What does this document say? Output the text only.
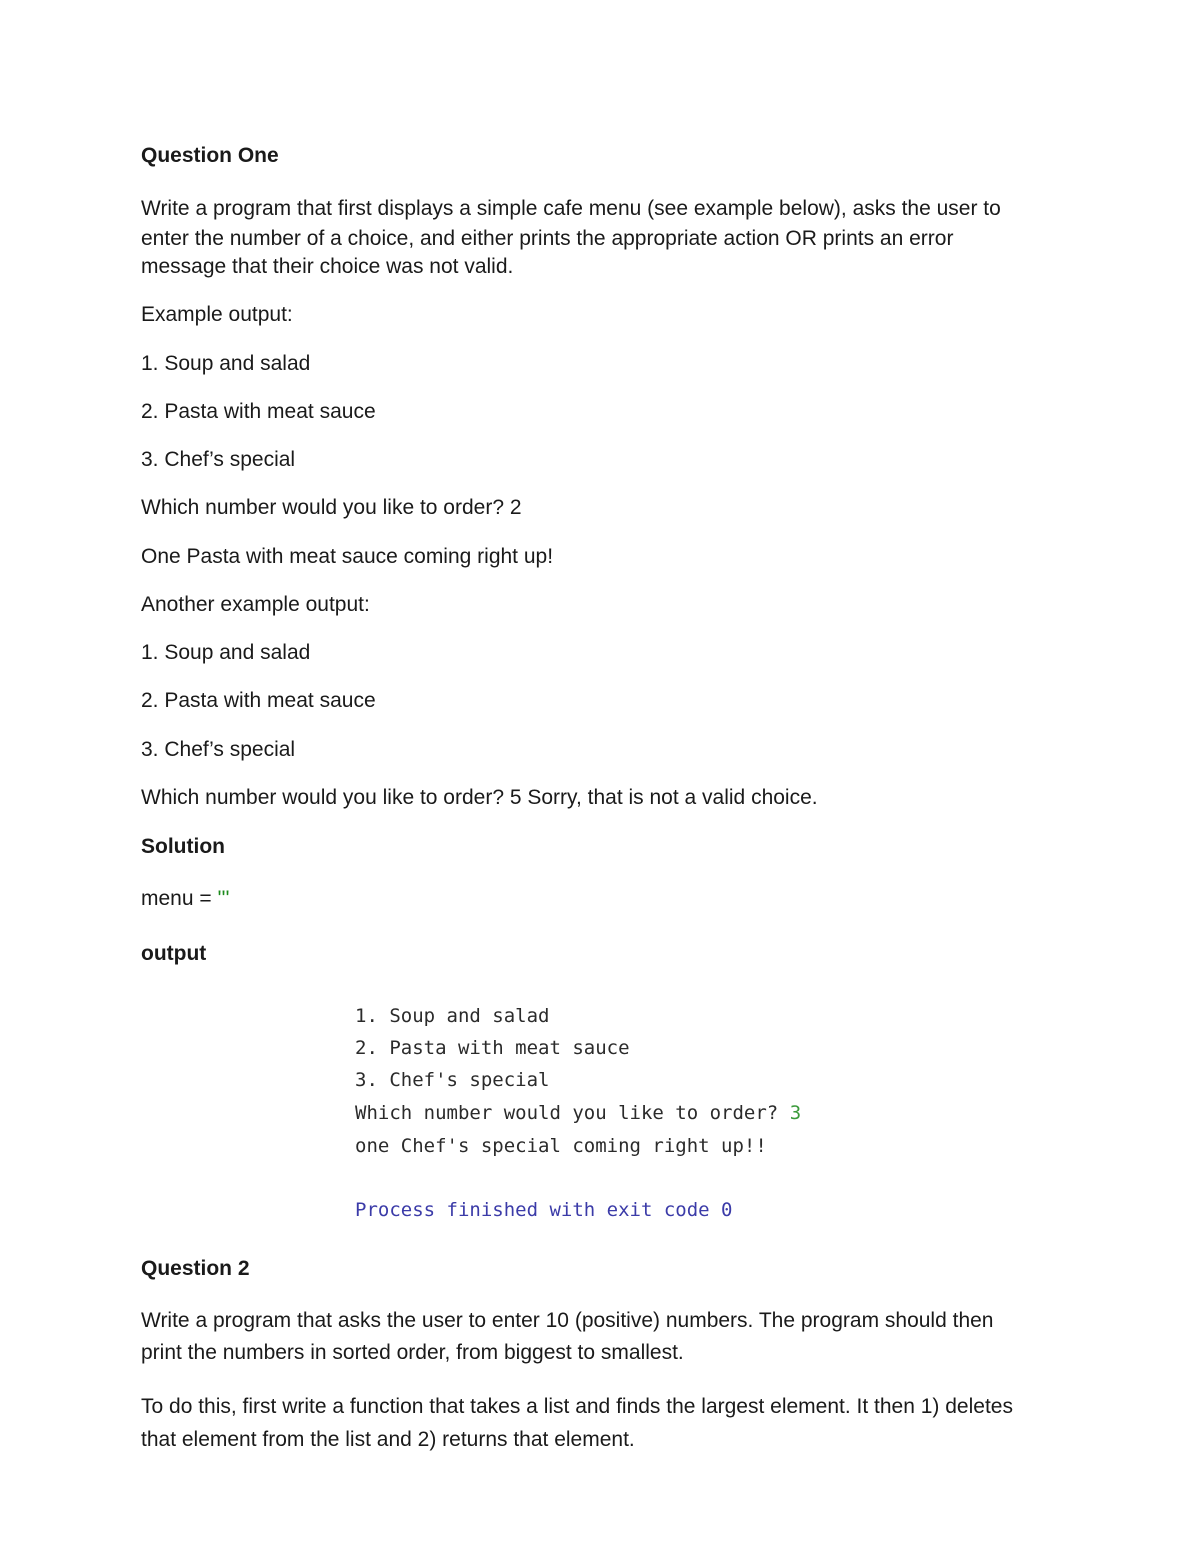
Question One

Write a program that first displays a simple cafe menu (see example below), asks the user to

enter the number of a choice, and either prints the appropriate action OR prints an error

message that their choice was not valid.

Example output:

1. Soup and salad

2. Pasta with meat sauce

3. Chef’s special

Which number would you like to order? 2

One Pasta with meat sauce coming right up!

Another example output:

1. Soup and salad

2. Pasta with meat sauce

3. Chef’s special

Which number would you like to order? 5 Sorry, that is not a valid choice.

Solution

menu = '''

output

1. Soup and salad
2. Pasta with meat sauce
3. Chef's special
Which number would you like to order? 3
one Chef's special coming right up!!
Process finished with exit code 0

Question 2

Write a program that asks the user to enter 10 (positive) numbers. The program should then

print the numbers in sorted order, from biggest to smallest.

To do this, first write a function that takes a list and finds the largest element. It then 1) deletes

that element from the list and 2) returns that element.
